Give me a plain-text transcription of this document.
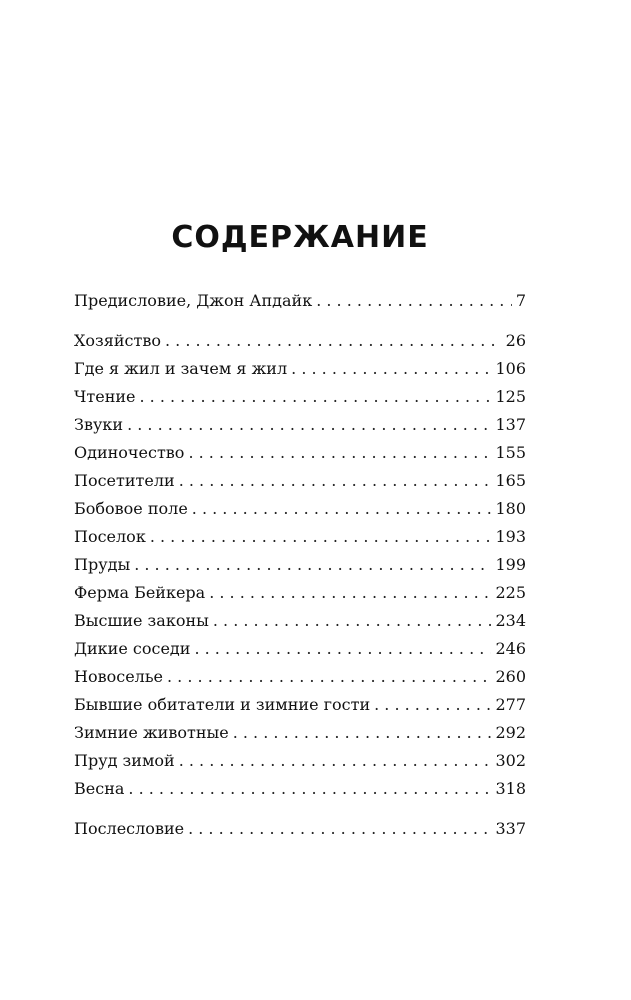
СОДЕРЖАНИЕ
Предисловие, Джон Апдайк . . .	7
Хозяйство . . .	26
Где я жил и зачем я жил . . .	106
Чтение . . .	125
Звуки . . .	137
Одиночество . . .	155
Посетители . . .	165
Бобовое поле . . .	180
Поселок . . .	193
Пруды . . .	199
Ферма Бейкера . . .	225
Высшие законы . . .	234
Дикие соседи . . .	246
Новоселье . . .	260
Бывшие обитатели и зимние гости . . .	277
Зимние животные . . .	292
Пруд зимой . . .	302
Весна . . .	318
Послесловие . . .	337
